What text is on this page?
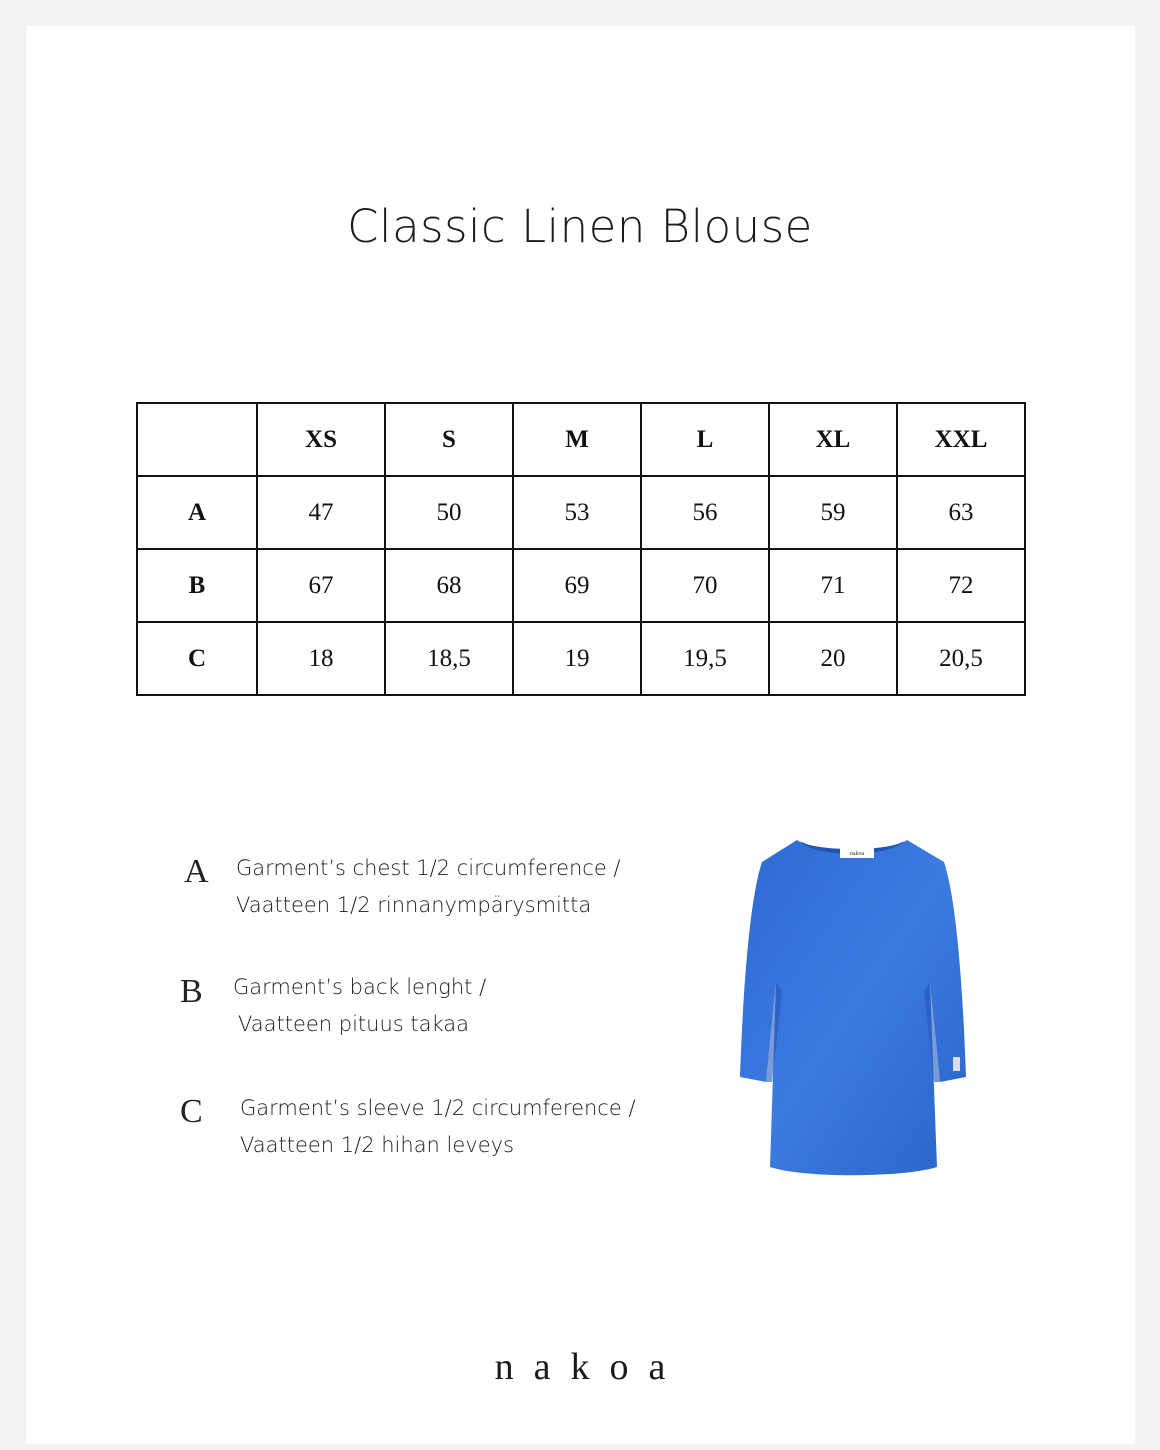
Classic Linen Blouse
	XS	S	M	L	XL	XXL
A	47	50	53	56	59	63
B	67	68	69	70	71	72
C	18	18,5	19	19,5	20	20,5
A Garment’s chest 1/2 circumference /
Vaatteen 1/2 rinnanympärysmitta
B Garment’s back lenght /
Vaatteen pituus takaa
C Garment’s sleeve 1/2 circumference /
Vaatteen 1/2 hihan leveys
nakoa
nakoa
